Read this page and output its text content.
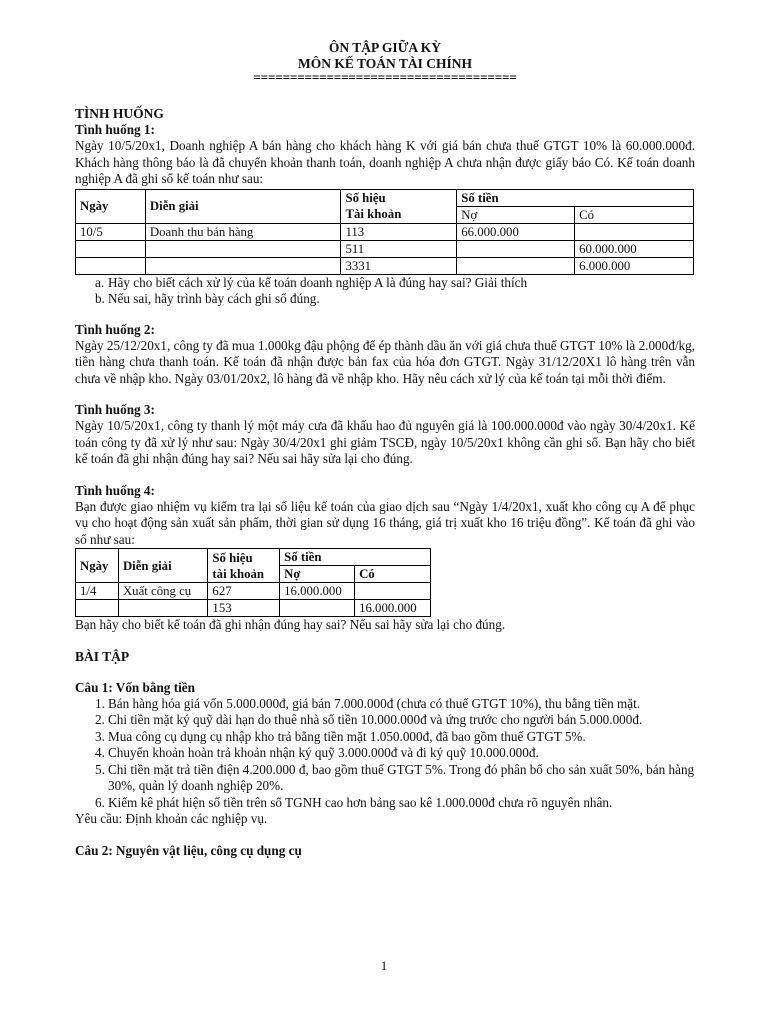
ÔN TẬP GIỮA KỲ
MÔN KẾ TOÁN TÀI CHÍNH
====================================
TÌNH HUỐNG
Tình huống 1:

Ngày 10/5/20x1, Doanh nghiệp A bán hàng cho khách hàng K với giá bán chưa thuế GTGT 10% là 60.000.000đ. Khách hàng thông báo là đã chuyển khoản thanh toán, doanh nghiệp A chưa nhận được giấy báo Có. Kế toán doanh nghiệp A đã ghi sổ kế toán như sau:

Ngày	Diễn giải	Số hiệu
Tài khoản	Số tiền	
			Nợ	Có
10/5	Doanh thu bán hàng	113	66.000.000	
		511		60.000.000
		3331		6.000.000
a. Hãy cho biết cách xử lý của kế toán doanh nghiệp A là đúng hay sai? Giải thích
b. Nếu sai, hãy trình bày cách ghi sổ đúng.
Tình huống 2:

Ngày 25/12/20x1, công ty đã mua 1.000kg đậu phộng để ép thành dầu ăn với giá chưa thuế GTGT 10% là 2.000đ/kg, tiền hàng chưa thanh toán. Kế toán đã nhận được bản fax của hóa đơn GTGT. Ngày 31/12/20X1 lô hàng trên vẫn chưa về nhập kho. Ngày 03/01/20x2, lô hàng đã về nhập kho. Hãy nêu cách xử lý của kế toán tại mỗi thời điểm.

Tình huống 3:

Ngày 10/5/20x1, công ty thanh lý một máy cưa đã khấu hao đủ nguyên giá là 100.000.000đ vào ngày 30/4/20x1. Kế toán công ty đã xử lý như sau: Ngày 30/4/20x1 ghi giảm TSCĐ, ngày 10/5/20x1 không cần ghi sổ. Bạn hãy cho biết kế toán đã ghi nhận đúng hay sai? Nếu sai hãy sửa lại cho đúng.

Tình huống 4:

Bạn được giao nhiệm vụ kiểm tra lại số liệu kế toán của giao dịch sau “Ngày 1/4/20x1, xuất kho công cụ A để phục vụ cho hoạt động sản xuất sản phẩm, thời gian sử dụng 16 tháng, giá trị xuất kho 16 triệu đồng”. Kế toán đã ghi vào sổ như sau:

Ngày	Diễn giải	Số hiệu
tài khoản	Số tiền	
			Nợ	Có
1/4	Xuất công cụ	627	16.000.000	
		153		16.000.000

Bạn hãy cho biết kế toán đã ghi nhận đúng hay sai? Nếu sai hãy sửa lại cho đúng.

BÀI TẬP
Câu 1: Vốn bằng tiền
1. Bán hàng hóa giá vốn 5.000.000đ, giá bán 7.000.000đ (chưa có thuế GTGT 10%), thu bằng tiền mặt.
2. Chi tiền mặt ký quỹ dài hạn do thuê nhà số tiền 10.000.000đ và ứng trước cho người bán 5.000.000đ.
3. Mua công cụ dụng cụ nhập kho trả bằng tiền mặt 1.050.000đ, đã bao gồm thuế GTGT 5%.
4. Chuyển khoản hoàn trả khoản nhận ký quỹ 3.000.000đ và đi ký quỹ 10.000.000đ.
5. Chi tiền mặt trả tiền điện 4.200.000 đ, bao gồm thuế GTGT 5%. Trong đó phân bổ cho sản xuất 50%, bán hàng 30%, quản lý doanh nghiệp 20%.
6. Kiểm kê phát hiện số tiền trên sổ TGNH cao hơn bảng sao kê 1.000.000đ chưa rõ nguyên nhân.

Yêu cầu: Định khoản các nghiệp vụ.

Câu 2: Nguyên vật liệu, công cụ dụng cụ
1
